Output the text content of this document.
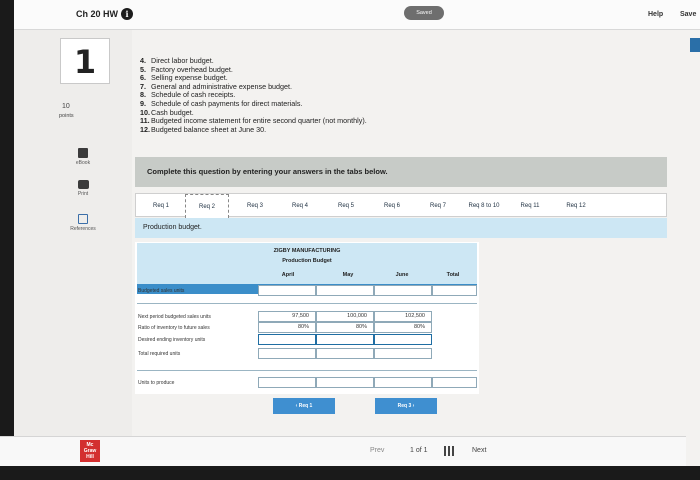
Ch 20 HW i	Saved	Help Save
1
10
points
eBook
Print
References
4. Direct labor budget.
5. Factory overhead budget.
6. Selling expense budget.
7. General and administrative expense budget.
8. Schedule of cash receipts.
9. Schedule of cash payments for direct materials.
10. Cash budget.
11. Budgeted income statement for entire second quarter (not monthly).
12. Budgeted balance sheet at June 30.
Complete this question by entering your answers in the tabs below.
Req 1	Req 2	Req 3	Req 4	Req 5	Req 6	Req 7	Req 8 to 10	Req 11	Req 12
Production budget.
ZIGBY MANUFACTURING
Production Budget
April	May	June	Total
Budgeted sales units
Next period budgeted sales units	97,500	100,000	102,500
Ratio of inventory to future sales	80%	80%	80%
Desired ending inventory units
Total required units
Units to produce
‹ Req 1	Req 3 ›
Mc Graw Hill
Prev	1 of 1	Next
